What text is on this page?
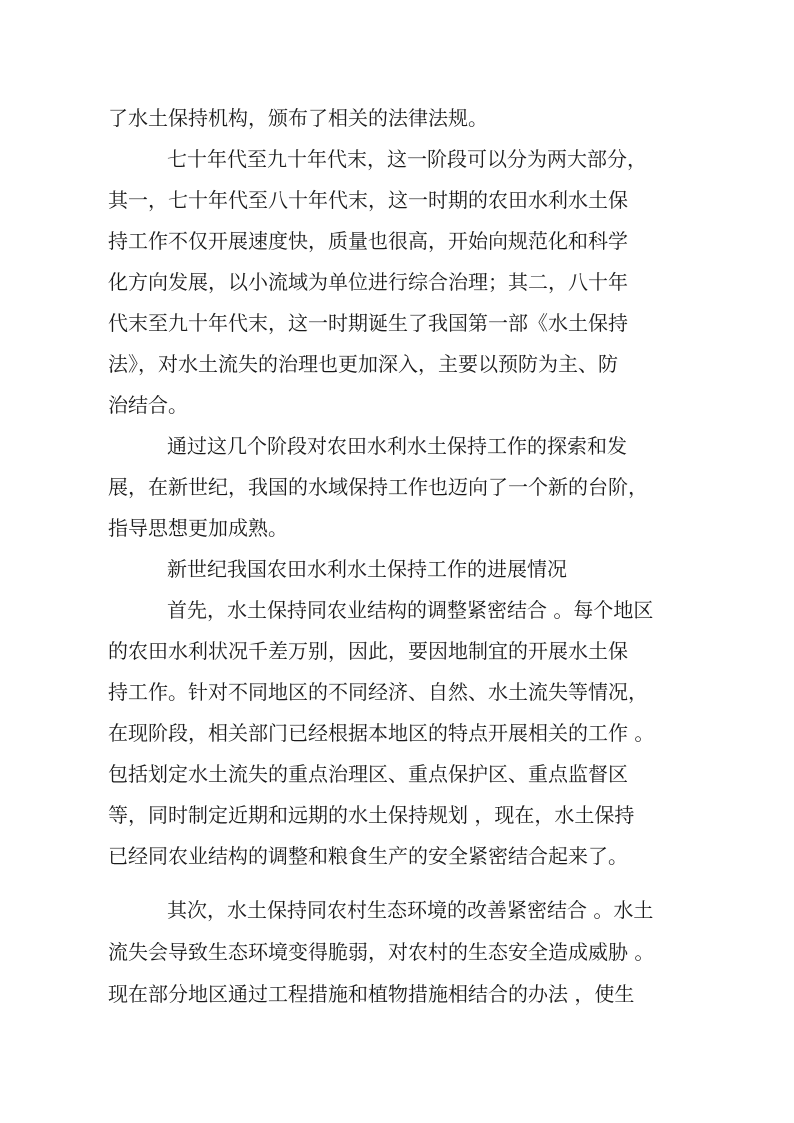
了水土保持机构，颁布了相关的法律法规。
七十年代至九十年代末，这一阶段可以分为两大部分，
其一，七十年代至八十年代末，这一时期的农田水利水土保
持工作不仅开展速度快，质量也很高，开始向规范化和科学
化方向发展，以小流域为单位进行综合治理；其二，八十年
代末至九十年代末，这一时期诞生了我国第一部《水土保持
法》，对水土流失的治理也更加深入，主要以预防为主、防
治结合。
通过这几个阶段对农田水利水土保持工作的探索和发
展，在新世纪，我国的水域保持工作也迈向了一个新的台阶，
指导思想更加成熟。
新世纪我国农田水利水土保持工作的进展情况
首先，水土保持同农业结构的调整紧密结合 。每个地区
的农田水利状况千差万别，因此，要因地制宜的开展水土保
持工作。针对不同地区的不同经济、自然、水土流失等情况，
在现阶段，相关部门已经根据本地区的特点开展相关的工作 。
包括划定水土流失的重点治理区、重点保护区、重点监督区
等，同时制定近期和远期的水土保持规划 ，现在，水土保持
已经同农业结构的调整和粮食生产的安全紧密结合起来了。
其次，水土保持同农村生态环境的改善紧密结合 。水土
流失会导致生态环境变得脆弱，对农村的生态安全造成威胁 。
现在部分地区通过工程措施和植物措施相结合的办法 ，使生
